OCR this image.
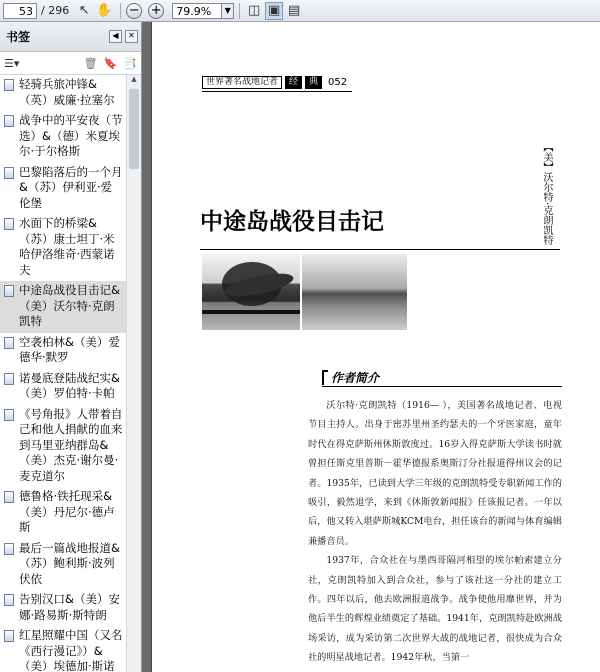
53 / 296 ↖ ✋ − +	79.9%	▼ ◫ ▣ ▤
书签	◀	✕
☰▾	🗑 🔖 📑
轻骑兵旅冲锋&（英）威廉·拉塞尔
战争中的平安夜（节选）&（德）米夏埃尔·于尔格斯
巴黎陷落后的一个月&（苏）伊利亚·爱伦堡
水面下的桥梁&（苏）康士坦丁·米哈伊洛维奇·西蒙诺夫
中途岛战役目击记&（美）沃尔特·克朗凯特
空袭柏林&（美）爱德华·默罗
诺曼底登陆战纪实&（美）罗伯特·卡帕
《号角报》人带着自己和他人捐献的血来到马里亚纳群岛&（美）杰克·谢尔曼·麦克道尔
德鲁格·铁托现采&（美）丹尼尔·德卢斯
最后一篇战地报道&（苏）鲍利斯·波列伏依
告别汉口&（美）安娜·路易斯·斯特朗
红星照耀中国（又名《西行漫记》）&（美）埃德加·斯诺
▲	世界著名战地记者	经	典	052
【美】沃尔特·克朗凯特
中途岛战役目击记
作者简介

沃尔特·克朗凯特（1916— ），美国著名战地记者、电视节目主持人。出身于密苏里州圣约瑟夫的一个牙医家庭，童年时代在得克萨斯州休斯敦度过。16岁入得克萨斯大学读书时就曾担任斯克里普斯－霍华德报系奥斯汀分社报道得州议会的记者。1935年，已读到大学三年级的克朗凯特受专职新闻工作的吸引，毅然退学，来到《休斯敦新闻报》任该报记者。一年以后，他又转入堪萨斯城KCM电台，担任该台的新闻与体育编辑兼播音员。

1937年，合众社在与墨西哥隔河相望的埃尔帕索建立分社，克朗凯特加入到合众社，参与了该社这一分社的建立工作。四年以后，他去欧洲报道战争。战争使他用靡世界，并为他后半生的辉煌业绩奠定了基础。1941年，克朗凯特赴欧洲战场采访，成为采访第二次世界大战的战地记者，很快成为合众社的明星战地记者。1942年秋，当第一
